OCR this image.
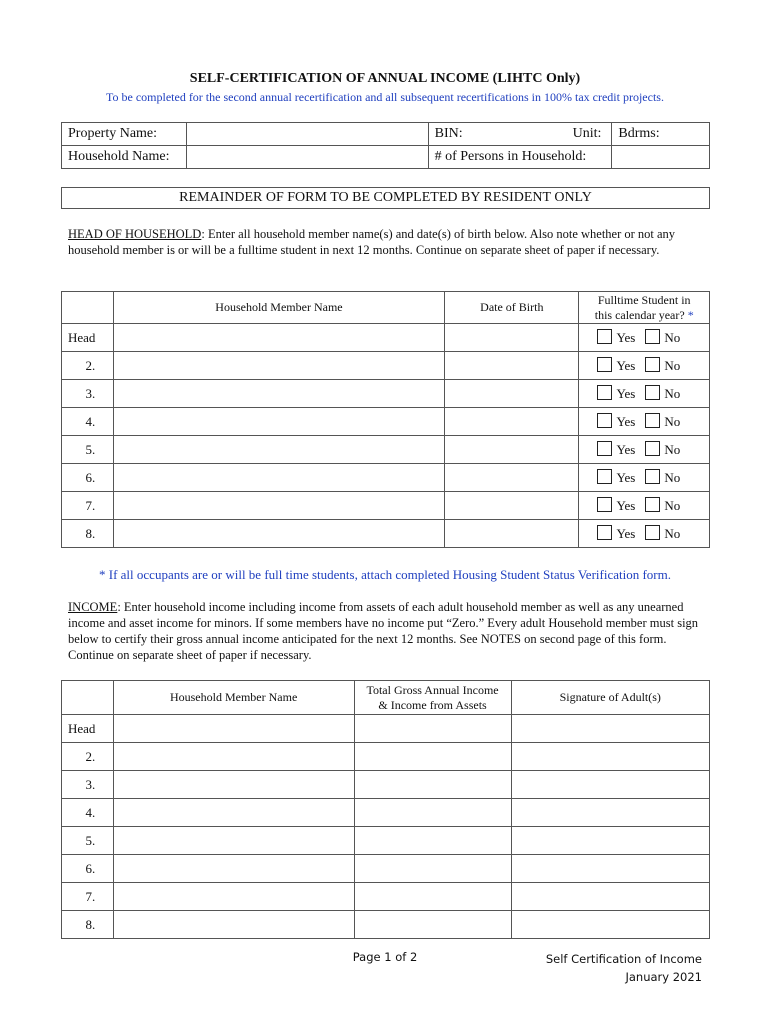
SELF-CERTIFICATION OF ANNUAL INCOME (LIHTC Only)
To be completed for the second annual recertification and all subsequent recertifications in 100% tax credit projects.
Property Name:		BIN: Unit:	Bdrms:
Household Name:		# of Persons in Household:	
REMAINDER OF FORM TO BE COMPLETED BY RESIDENT ONLY
HEAD OF HOUSEHOLD: Enter all household member name(s) and date(s) of birth below. Also note whether or not any household member is or will be a fulltime student in next 12 months. Continue on separate sheet of paper if necessary.
	Household Member Name	Date of Birth	Fulltime Student in
this calendar year? *
Head			Yes No
2.			Yes No
3.			Yes No
4.			Yes No
5.			Yes No
6.			Yes No
7.			Yes No
8.			Yes No
* If all occupants are or will be full time students, attach completed Housing Student Status Verification form.
INCOME: Enter household income including income from assets of each adult household member as well as any unearned income and asset income for minors. If some members have no income put “Zero.” Every adult Household member must sign below to certify their gross annual income anticipated for the next 12 months. See NOTES on second page of this form. Continue on separate sheet of paper if necessary.
	Household Member Name	Total Gross Annual Income
& Income from Assets	Signature of Adult(s)
Head			
2.			
3.			
4.			
5.			
6.			
7.			
8.			
Page 1 of 2	Self Certification of Income
January 2021
